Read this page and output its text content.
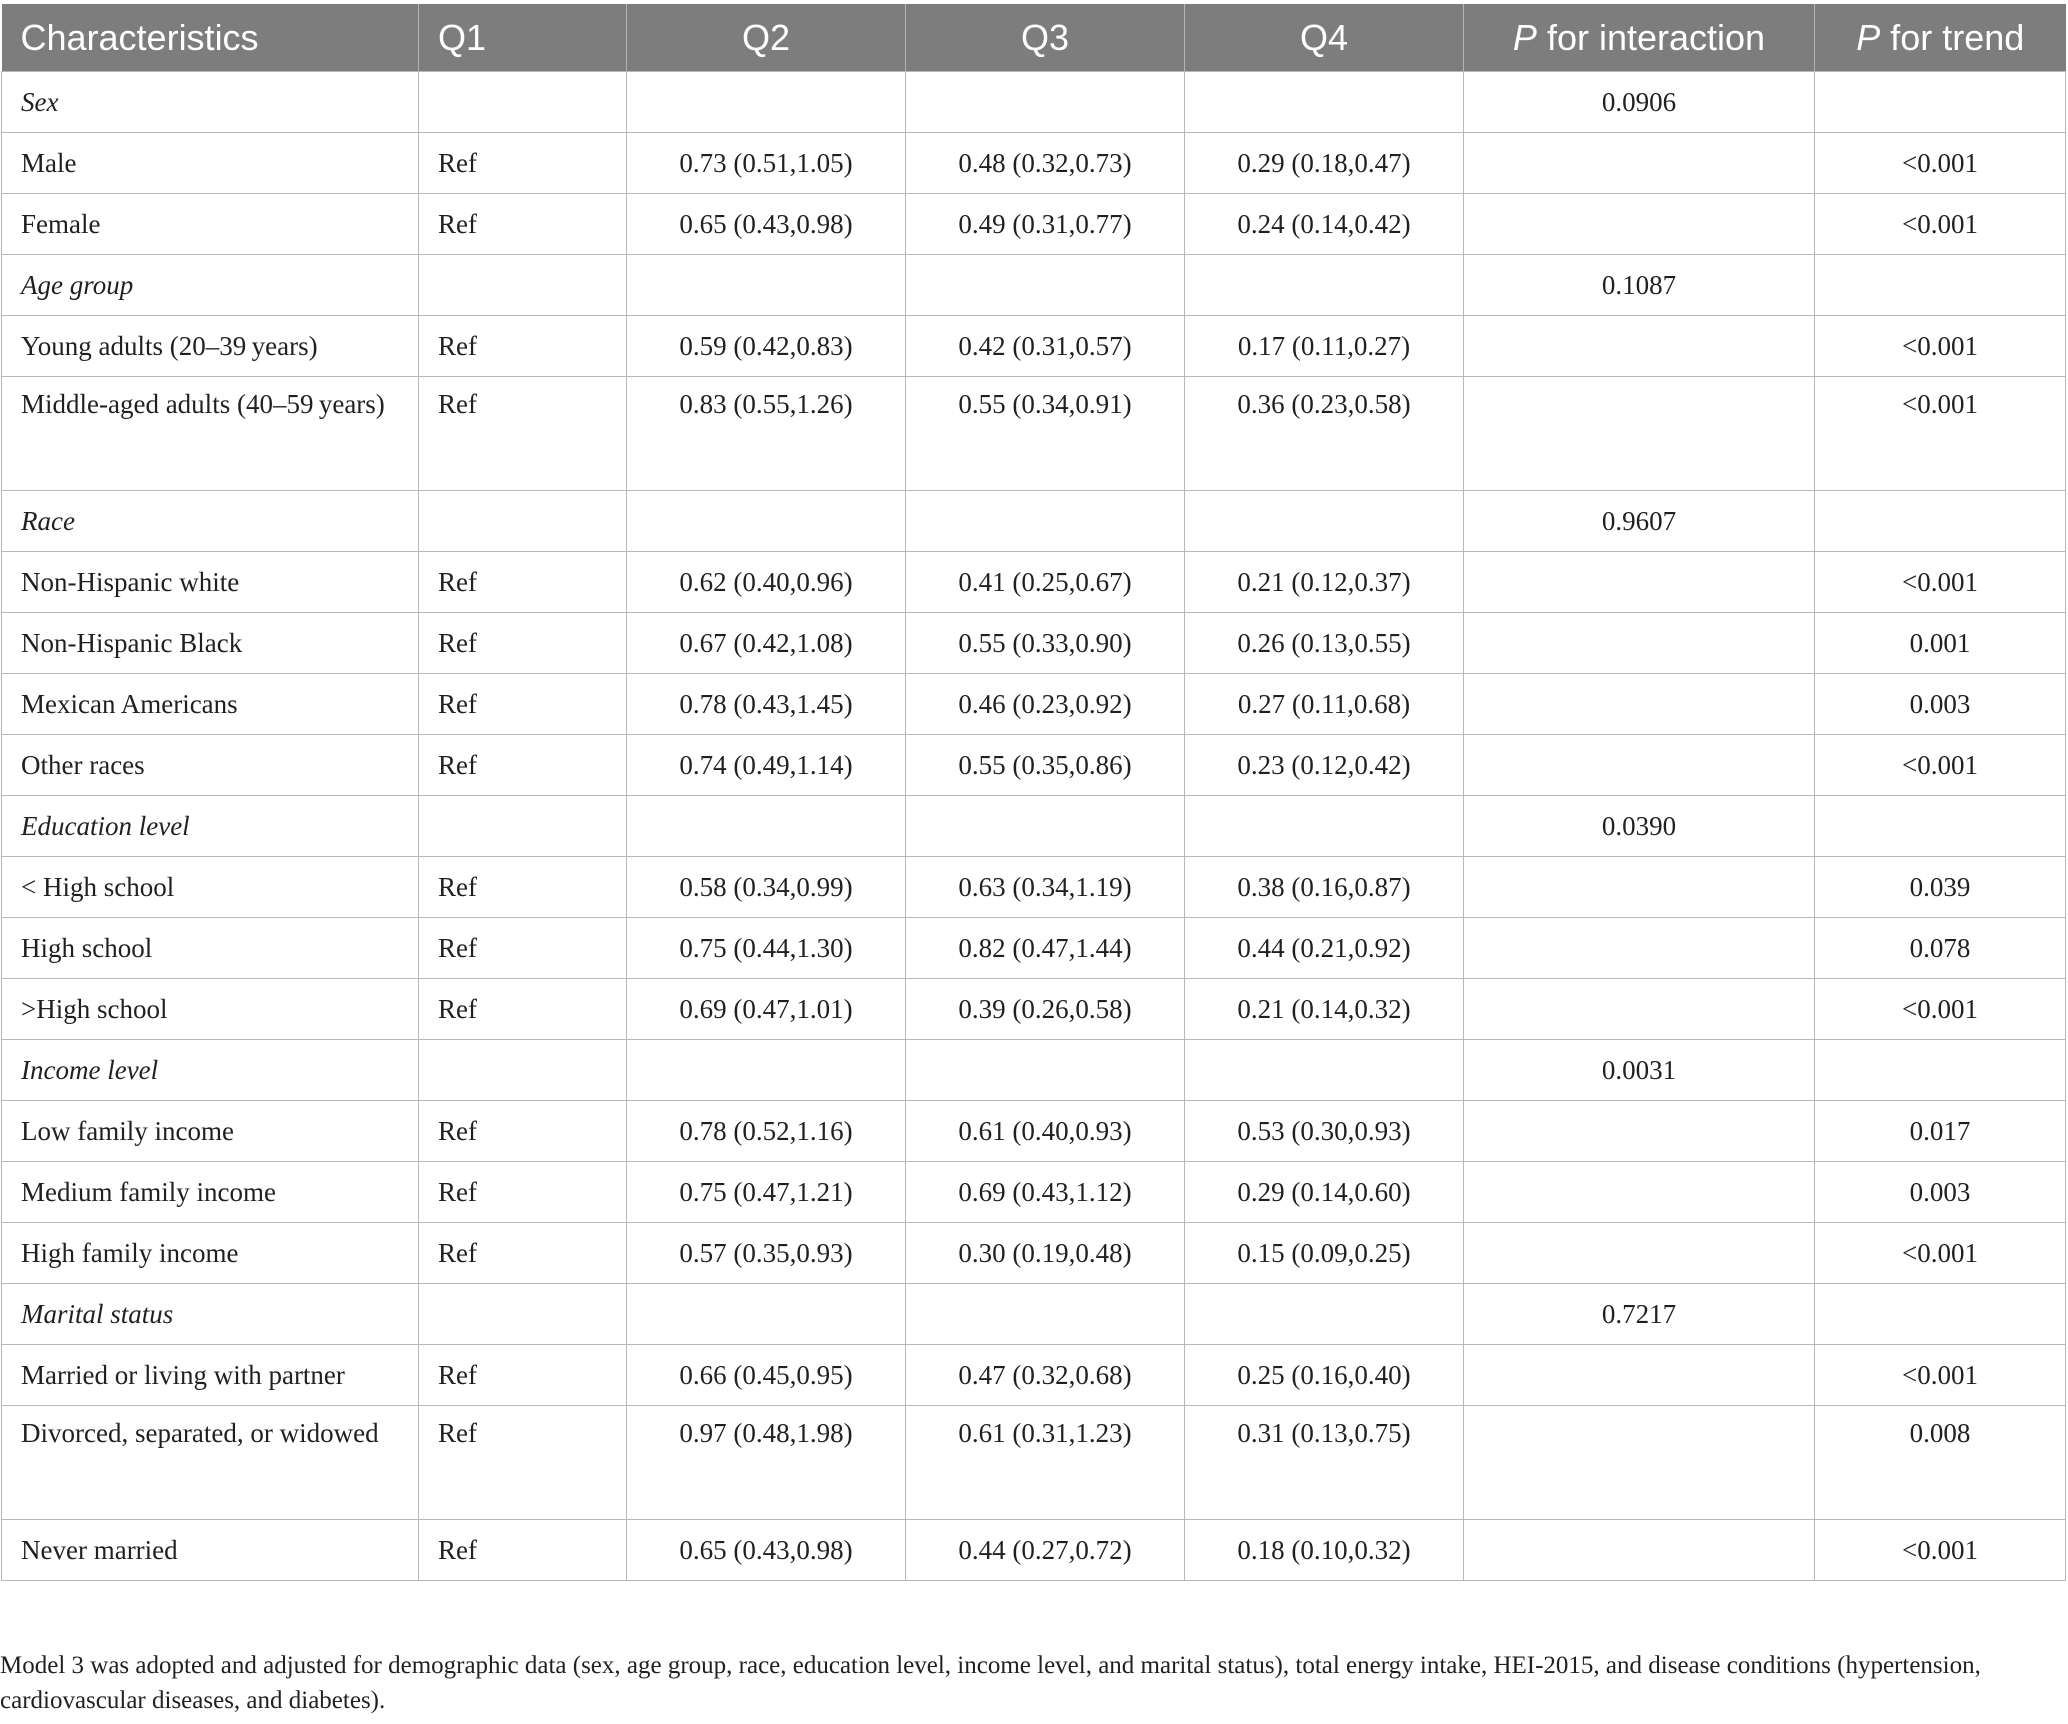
Characteristics	Q1	Q2	Q3	Q4	P for interaction	P for trend
Sex					0.0906	
Male	Ref	0.73 (0.51,1.05)	0.48 (0.32,0.73)	0.29 (0.18,0.47)		<0.001
Female	Ref	0.65 (0.43,0.98)	0.49 (0.31,0.77)	0.24 (0.14,0.42)		<0.001
Age group					0.1087	
Young adults (20–39 years)	Ref	0.59 (0.42,0.83)	0.42 (0.31,0.57)	0.17 (0.11,0.27)		<0.001
Middle-aged adults (40–59 years)	Ref	0.83 (0.55,1.26)	0.55 (0.34,0.91)	0.36 (0.23,0.58)		<0.001
Race					0.9607	
Non-Hispanic white	Ref	0.62 (0.40,0.96)	0.41 (0.25,0.67)	0.21 (0.12,0.37)		<0.001
Non-Hispanic Black	Ref	0.67 (0.42,1.08)	0.55 (0.33,0.90)	0.26 (0.13,0.55)		0.001
Mexican Americans	Ref	0.78 (0.43,1.45)	0.46 (0.23,0.92)	0.27 (0.11,0.68)		0.003
Other races	Ref	0.74 (0.49,1.14)	0.55 (0.35,0.86)	0.23 (0.12,0.42)		<0.001
Education level					0.0390	
< High school	Ref	0.58 (0.34,0.99)	0.63 (0.34,1.19)	0.38 (0.16,0.87)		0.039
High school	Ref	0.75 (0.44,1.30)	0.82 (0.47,1.44)	0.44 (0.21,0.92)		0.078
>High school	Ref	0.69 (0.47,1.01)	0.39 (0.26,0.58)	0.21 (0.14,0.32)		<0.001
Income level					0.0031	
Low family income	Ref	0.78 (0.52,1.16)	0.61 (0.40,0.93)	0.53 (0.30,0.93)		0.017
Medium family income	Ref	0.75 (0.47,1.21)	0.69 (0.43,1.12)	0.29 (0.14,0.60)		0.003
High family income	Ref	0.57 (0.35,0.93)	0.30 (0.19,0.48)	0.15 (0.09,0.25)		<0.001
Marital status					0.7217	
Married or living with partner	Ref	0.66 (0.45,0.95)	0.47 (0.32,0.68)	0.25 (0.16,0.40)		<0.001
Divorced, separated, or widowed	Ref	0.97 (0.48,1.98)	0.61 (0.31,1.23)	0.31 (0.13,0.75)		0.008
Never married	Ref	0.65 (0.43,0.98)	0.44 (0.27,0.72)	0.18 (0.10,0.32)		<0.001
Model 3 was adopted and adjusted for demographic data (sex, age group, race, education level, income level, and marital status), total energy intake, HEI-2015, and disease conditions (hypertension, cardiovascular diseases, and diabetes).
